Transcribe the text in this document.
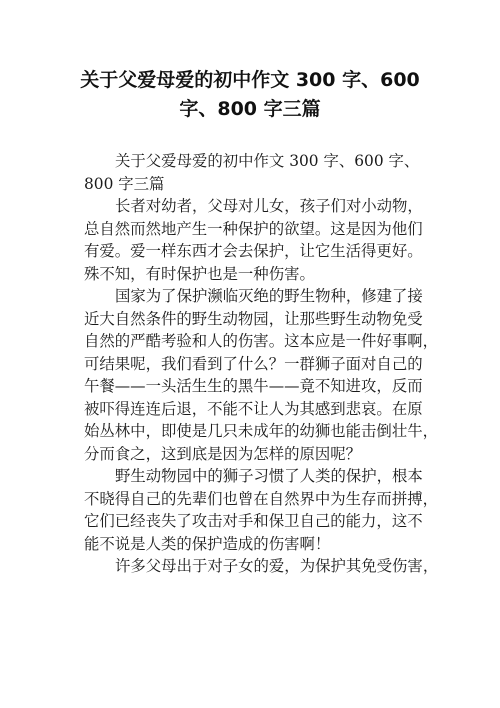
关于父爱母爱的初中作文 300 字、600
字、800 字三篇
关于父爱母爱的初中作文 300 字、600 字、
800 字三篇
长者对幼者，父母对儿女，孩子们对小动物，
总自然而然地产生一种保护的欲望。这是因为他们
有爱。爱一样东西才会去保护，让它生活得更好。
殊不知，有时保护也是一种伤害。
国家为了保护濒临灭绝的野生物种，修建了接
近大自然条件的野生动物园，让那些野生动物免受
自然的严酷考验和人的伤害。这本应是一件好事啊，
可结果呢，我们看到了什么？一群狮子面对自己的
午餐——一头活生生的黑牛——竟不知进攻，反而
被吓得连连后退，不能不让人为其感到悲哀。在原
始丛林中，即使是几只未成年的幼狮也能击倒壮牛，
分而食之，这到底是因为怎样的原因呢？
野生动物园中的狮子习惯了人类的保护，根本
不晓得自己的先辈们也曾在自然界中为生存而拼搏，
它们已经丧失了攻击对手和保卫自己的能力，这不
能不说是人类的保护造成的伤害啊！
许多父母出于对子女的爱，为保护其免受伤害，
